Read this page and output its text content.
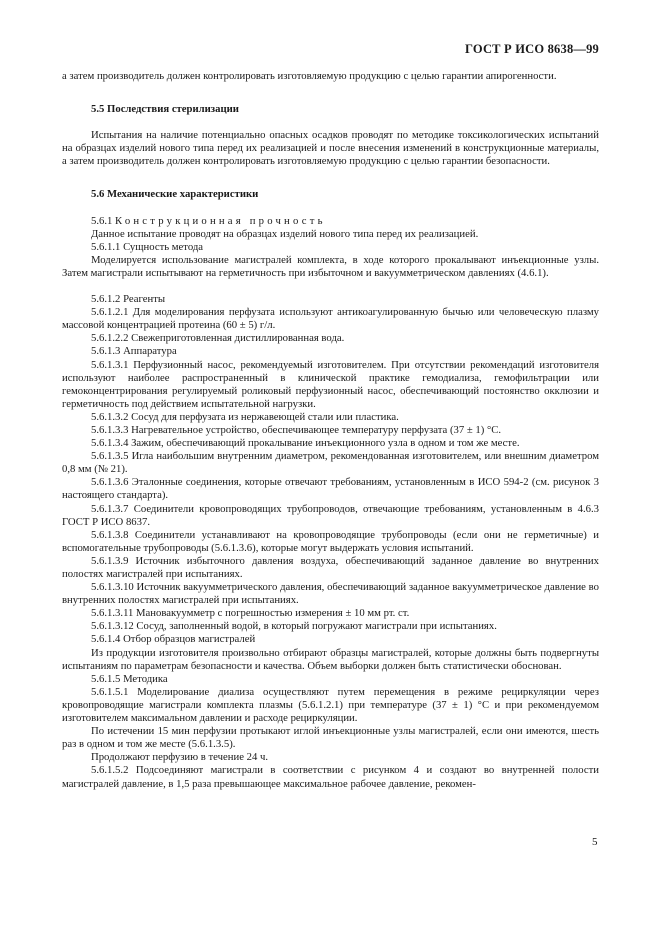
ГОСТ Р ИСО 8638—99

а затем производитель должен контролировать изготовляемую продукцию с целью гарантии апирогенности.

5.5 Последствия стерилизации

Испытания на наличие потенциально опасных осадков проводят по методике токсикологических испытаний на образцах изделий нового типа перед их реализацией и после внесения изменений в конструкционные материалы, а затем производитель должен контролировать изготовляемую продукцию с целью гарантии безопасности.

5.6 Механические характеристики

5.6.1 Конструкционная прочность

Данное испытание проводят на образцах изделий нового типа перед их реализацией.

5.6.1.1 Сущность метода

Моделируется использование магистралей комплекта, в ходе которого прокалывают инъекционные узлы. Затем магистрали испытывают на герметичность при избыточном и вакуумметрическом давлениях (4.6.1).

5.6.1.2 Реагенты

5.6.1.2.1 Для моделирования перфузата используют антикоагулированную бычью или человеческую плазму массовой концентрацией протеина (60 ± 5) г/л.

5.6.1.2.2 Свежеприготовленная дистиллированная вода.

5.6.1.3 Аппаратура

5.6.1.3.1 Перфузионный насос, рекомендуемый изготовителем. При отсутствии рекомендаций изготовителя используют наиболее распространенный в клинической практике гемодиализа, гемофильтрации или гемоконцентрирования регулируемый роликовый перфузионный насос, обеспечивающий постоянство окклюзии и герметичность под действием испытательной нагрузки.

5.6.1.3.2 Сосуд для перфузата из нержавеющей стали или пластика.

5.6.1.3.3 Нагревательное устройство, обеспечивающее температуру перфузата (37 ± 1) °С.

5.6.1.3.4 Зажим, обеспечивающий прокалывание инъекционного узла в одном и том же месте.

5.6.1.3.5 Игла наибольшим внутренним диаметром, рекомендованная изготовителем, или внешним диаметром 0,8 мм (№ 21).

5.6.1.3.6 Эталонные соединения, которые отвечают требованиям, установленным в ИСО 594-2 (см. рисунок 3 настоящего стандарта).

5.6.1.3.7 Соединители кровопроводящих трубопроводов, отвечающие требованиям, установленным в 4.6.3 ГОСТ Р ИСО 8637.

5.6.1.3.8 Соединители устанавливают на кровопроводящие трубопроводы (если они не герметичные) и вспомогательные трубопроводы (5.6.1.3.6), которые могут выдержать условия испытаний.

5.6.1.3.9 Источник избыточного давления воздуха, обеспечивающий заданное давление во внутренних полостях магистралей при испытаниях.

5.6.1.3.10 Источник вакуумметрического давления, обеспечивающий заданное вакуумметрическое давление во внутренних полостях магистралей при испытаниях.

5.6.1.3.11 Мановакуумметр с погрешностью измерения ± 10 мм рт. ст.

5.6.1.3.12 Сосуд, заполненный водой, в который погружают магистрали при испытаниях.

5.6.1.4 Отбор образцов магистралей

Из продукции изготовителя произвольно отбирают образцы магистралей, которые должны быть подвергнуты испытаниям по параметрам безопасности и качества. Объем выборки должен быть статистически обоснован.

5.6.1.5 Методика

5.6.1.5.1 Моделирование диализа осуществляют путем перемещения в режиме рециркуляции через кровопроводящие магистрали комплекта плазмы (5.6.1.2.1) при температуре (37 ± 1) °С и при рекомендуемом изготовителем максимальном давлении и расходе рециркуляции.

По истечении 15 мин перфузии протыкают иглой инъекционные узлы магистралей, если они имеются, шесть раз в одном и том же месте (5.6.1.3.5).

Продолжают перфузию в течение 24 ч.

5.6.1.5.2 Подсоединяют магистрали в соответствии с рисунком 4 и создают во внутренней полости магистралей давление, в 1,5 раза превышающее максимальное рабочее давление, рекомен-

5
